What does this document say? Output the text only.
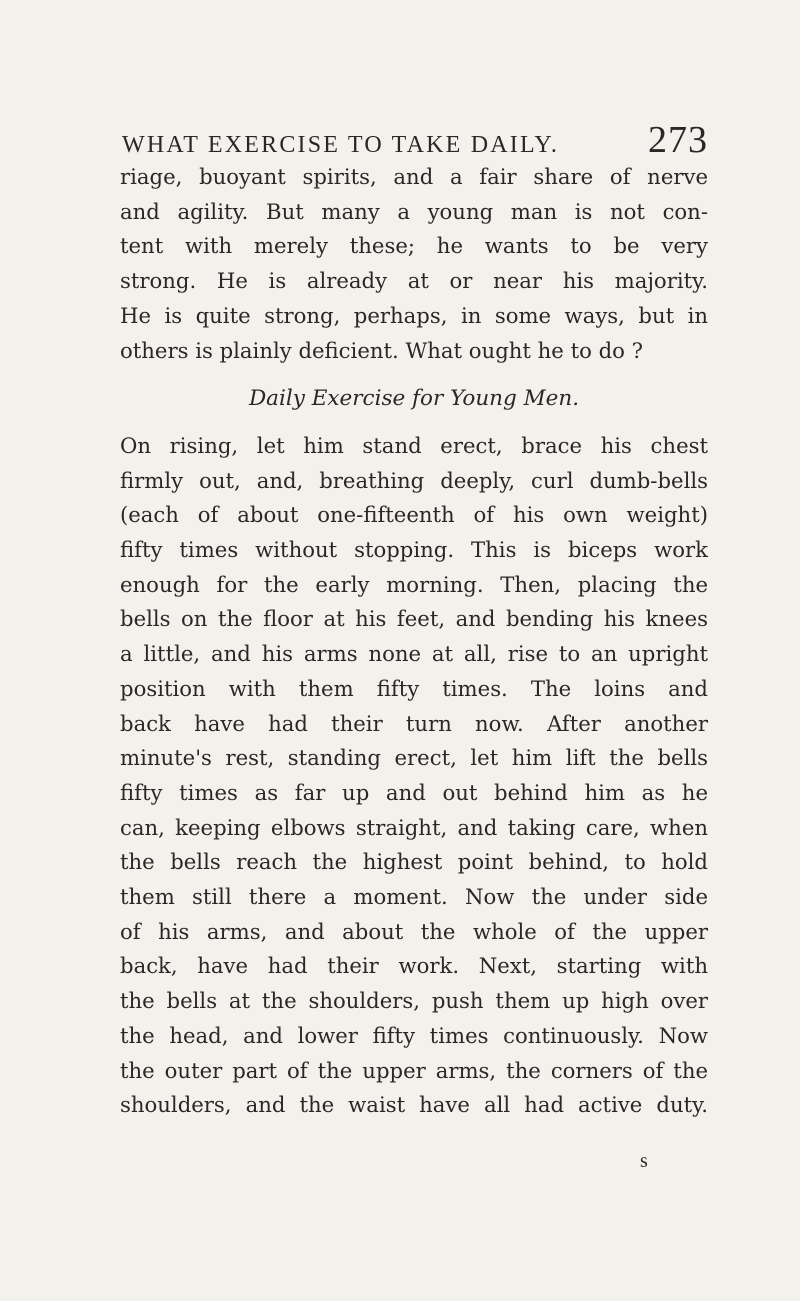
WHAT EXERCISE TO TAKE DAILY. 273
riage, buoyant spirits, and a fair share of nerve
and agility. But many a young man is not con-
tent with merely these; he wants to be very
strong. He is already at or near his majority.
He is quite strong, perhaps, in some ways, but in
others is plainly deficient. What ought he to do ?
Daily Exercise for Young Men.
On rising, let him stand erect, brace his chest
firmly out, and, breathing deeply, curl dumb-bells
(each of about one-fifteenth of his own weight)
fifty times without stopping. This is biceps work
enough for the early morning. Then, placing the
bells on the floor at his feet, and bending his knees
a little, and his arms none at all, rise to an upright
position with them fifty times. The loins and
back have had their turn now. After another
minute's rest, standing erect, let him lift the bells
fifty times as far up and out behind him as he
can, keeping elbows straight, and taking care, when
the bells reach the highest point behind, to hold
them still there a moment. Now the under side
of his arms, and about the whole of the upper
back, have had their work. Next, starting with
the bells at the shoulders, push them up high over
the head, and lower fifty times continuously. Now
the outer part of the upper arms, the corners of the
shoulders, and the waist have all had active duty.
s
